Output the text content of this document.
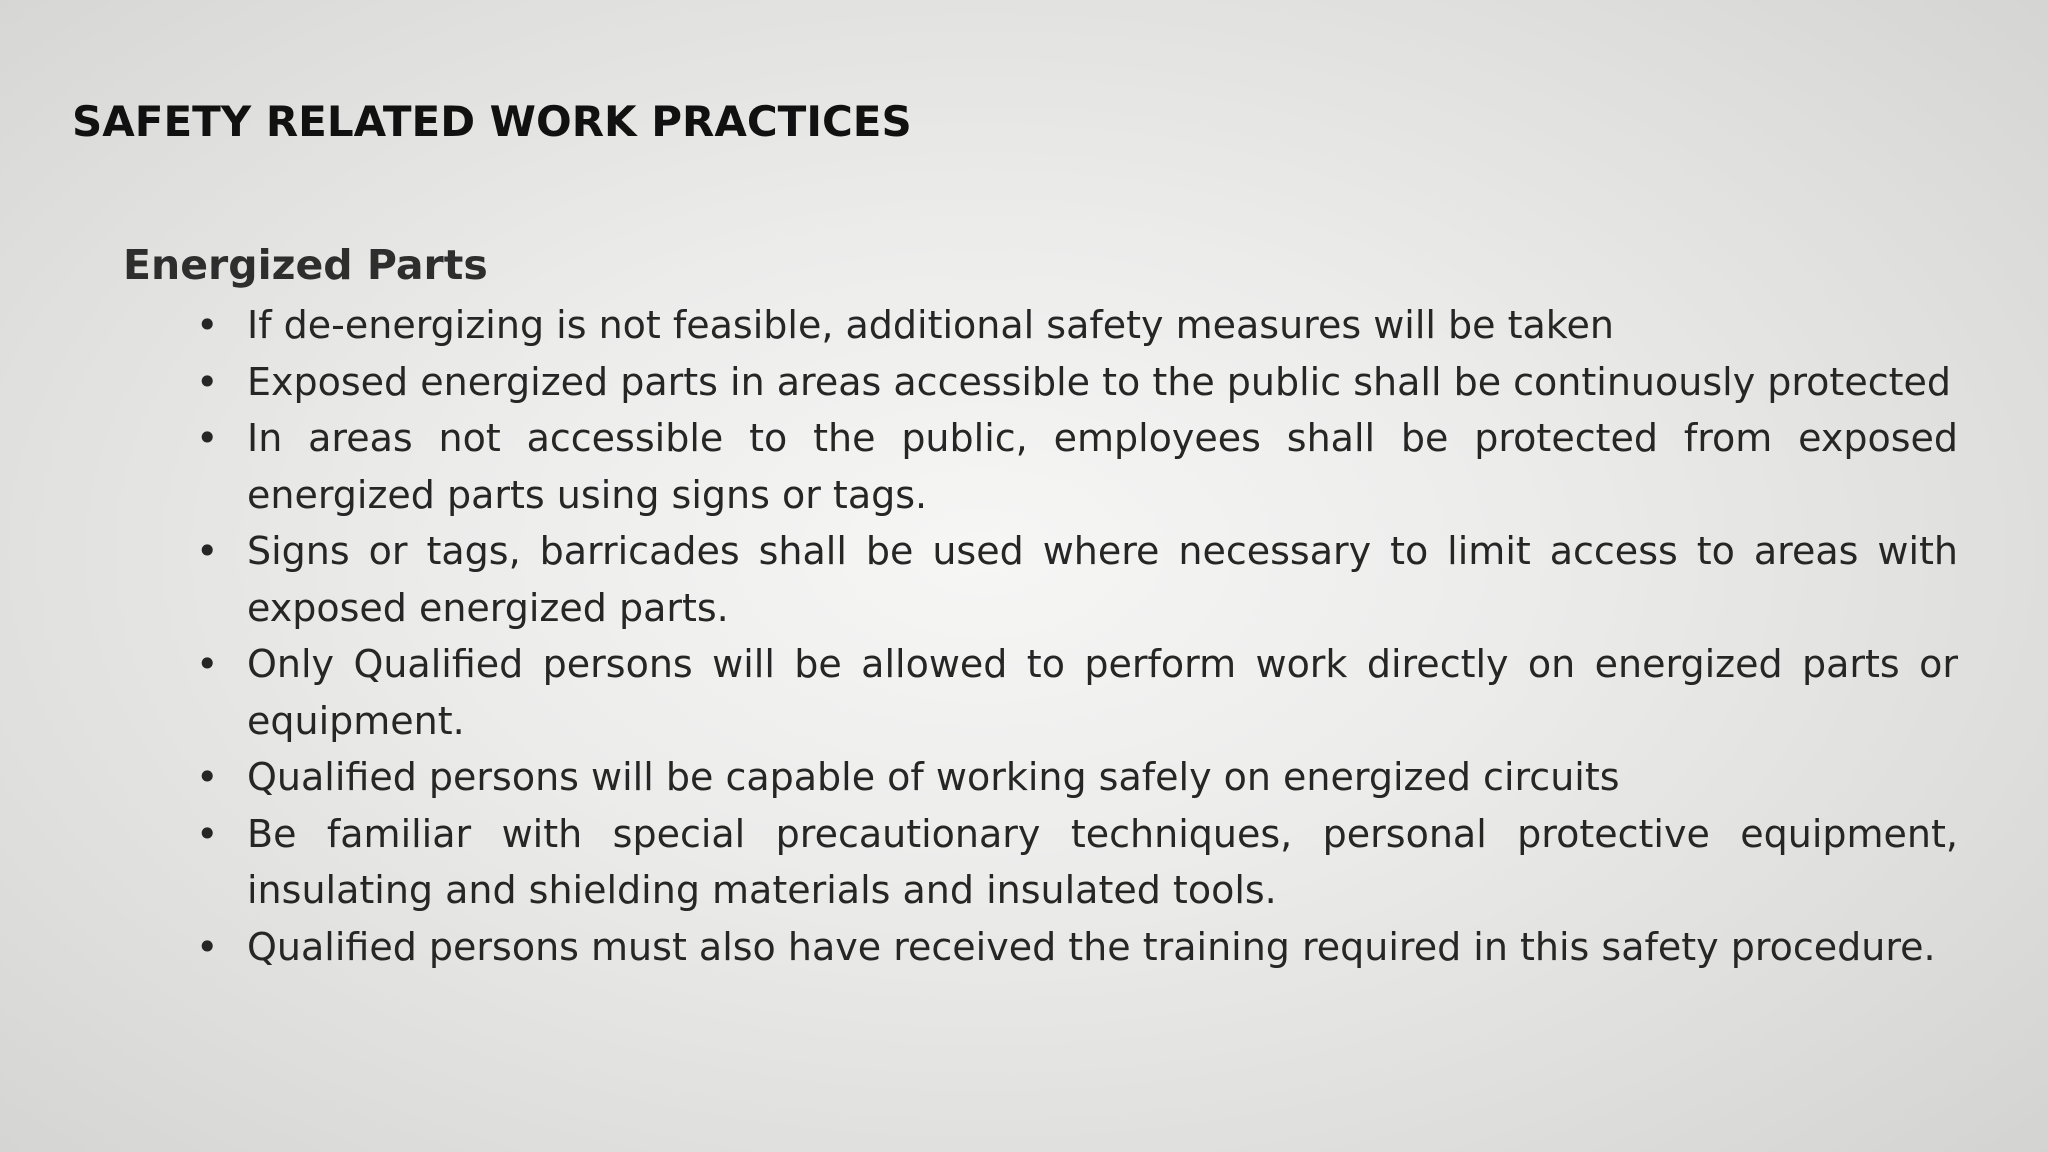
SAFETY RELATED WORK PRACTICES
Energized Parts
• If de-energizing is not feasible, additional safety measures will be taken
• Exposed energized parts in areas accessible to the public shall be continuously protected
• In areas not accessible to the public, employees shall be protected from exposed energized parts using signs or tags.
• Signs or tags, barricades shall be used where necessary to limit access to areas with exposed energized parts.
• Only Qualified persons will be allowed to perform work directly on energized parts or equipment.
• Qualified persons will be capable of working safely on energized circuits
• Be familiar with special precautionary techniques, personal protective equipment, insulating and shielding materials and insulated tools.
• Qualified persons must also have received the training required in this safety procedure.
